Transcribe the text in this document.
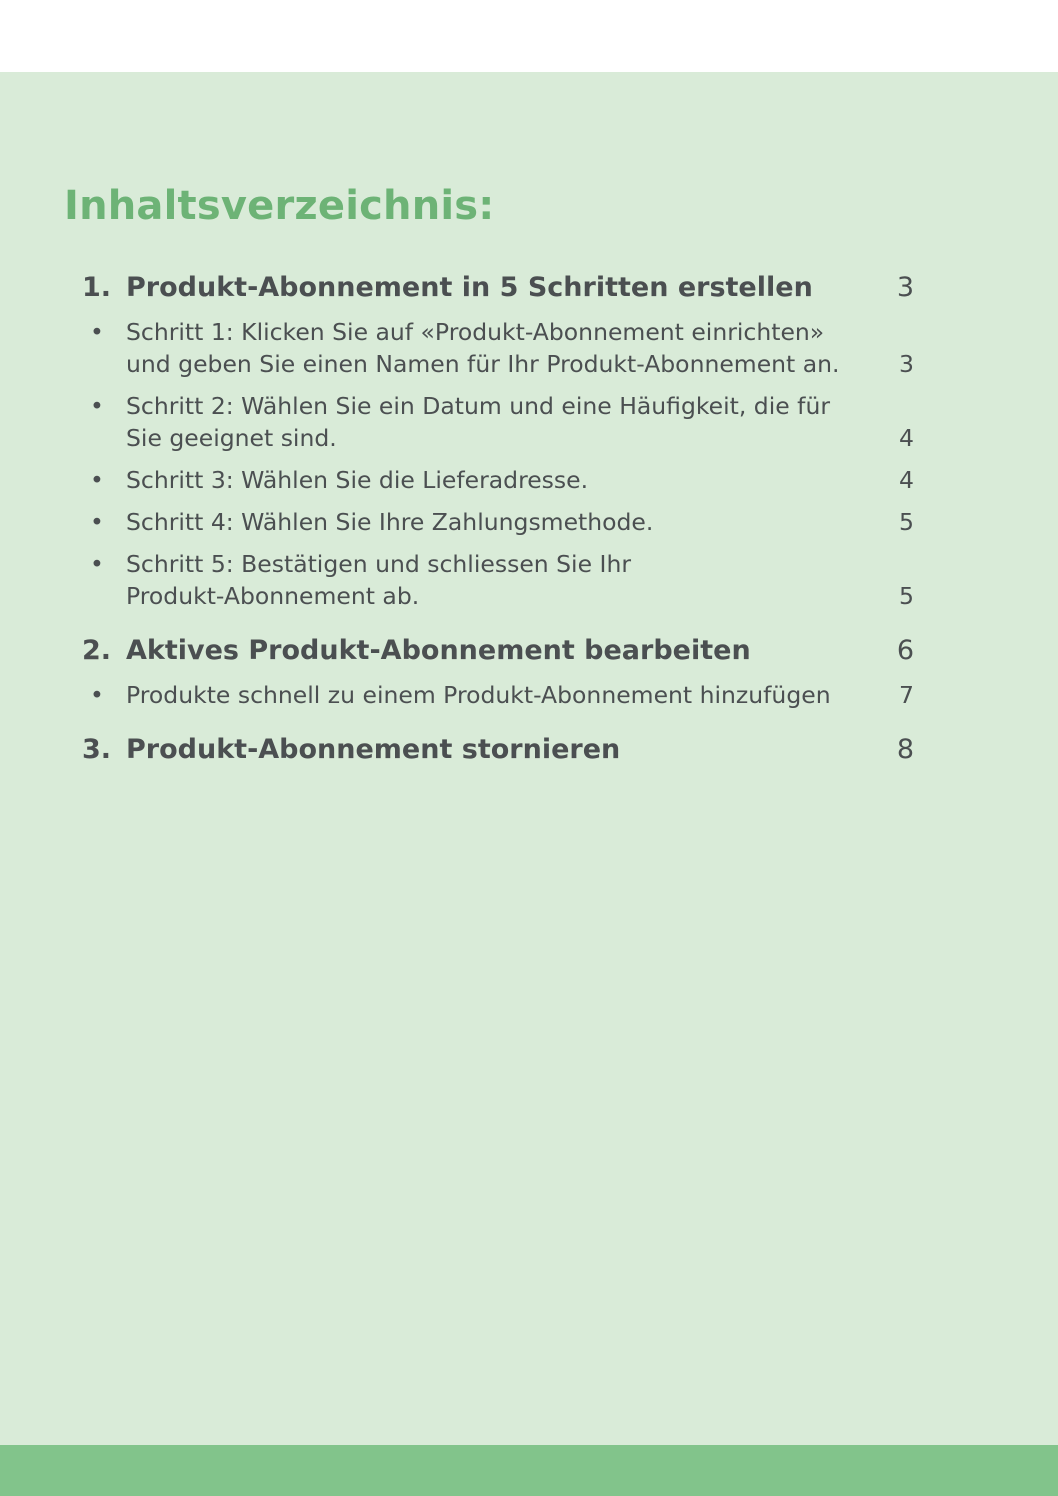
Inhaltsverzeichnis:
1. Produkt-Abonnement in 5 Schritten erstellen	3
• Schritt 1: Klicken Sie auf «Produkt-Abonnement einrichten»
und geben Sie einen Namen für Ihr Produkt-Abonnement an.	3
• Schritt 2: Wählen Sie ein Datum und eine Häufigkeit, die für
Sie geeignet sind.	4
• Schritt 3: Wählen Sie die Lieferadresse.	4
• Schritt 4: Wählen Sie Ihre Zahlungsmethode.	5
• Schritt 5: Bestätigen und schliessen Sie Ihr
Produkt-Abonnement ab.	5
2. Aktives Produkt-Abonnement bearbeiten	6
• Produkte schnell zu einem Produkt-Abonnement hinzufügen	7
3. Produkt-Abonnement stornieren	8
